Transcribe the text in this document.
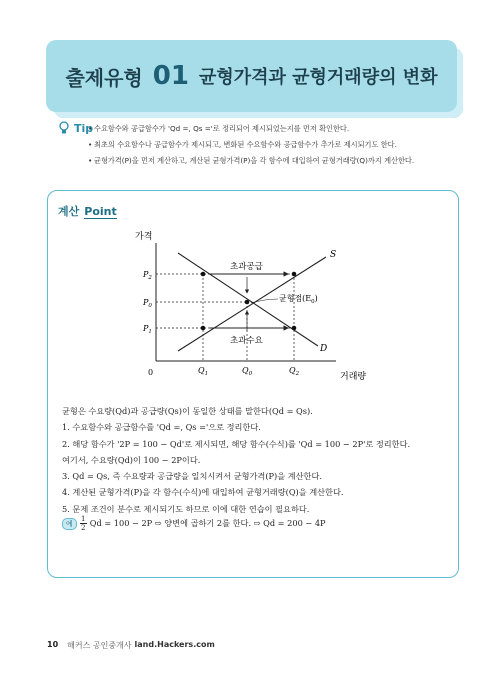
출제유형 01 균형가격과 균형거래량의 변화
Tip
• 수요함수와 공급함수가 'Qd =, Qs ='로 정리되어 제시되었는지를 먼저 확인한다.
• 최초의 수요함수나 공급함수가 제시되고, 변화된 수요함수와 공급함수가 추가로 제시되기도 한다.
• 균형가격(P)을 먼저 계산하고, 계산된 균형가격(P)을 각 함수에 대입하여 균형거래량(Q)까지 계산한다.
계산 Point
가격
거래량
0
S
D
$P_2$
$P_0$
$P_1$
$Q_1$	$Q_0$	$Q_2$
초과공급
초과수요
균형점$(E_0)$
균형은 수요량(Qd)과 공급량(Qs)이 동일한 상태를 말한다(Qd = Qs).
1. 수요함수와 공급함수를 'Qd =, Qs ='으로 정리한다.
2. 해당 함수가 '2P = 100 − Qd'로 제시되면, 해당 함수(수식)를 'Qd = 100 − 2P'로 정리한다.
여기서, 수요량(Qd)이 100 − 2P이다.
3. Qd = Qs, 즉 수요량과 공급량을 일치시켜서 균형가격(P)을 계산한다.
4. 계산된 균형가격(P)을 각 함수(수식)에 대입하여 균형거래량(Q)을 계산한다.
5. 문제 조건이 분수로 제시되기도 하므로 이에 대한 연습이 필요하다.
예	$\frac{1}{2}$ Qd = 100 − 2P ⇨ 양변에 곱하기 2를 한다. ⇨ Qd = 200 − 4P
10 해커스 공인중개사 land.Hackers.com
